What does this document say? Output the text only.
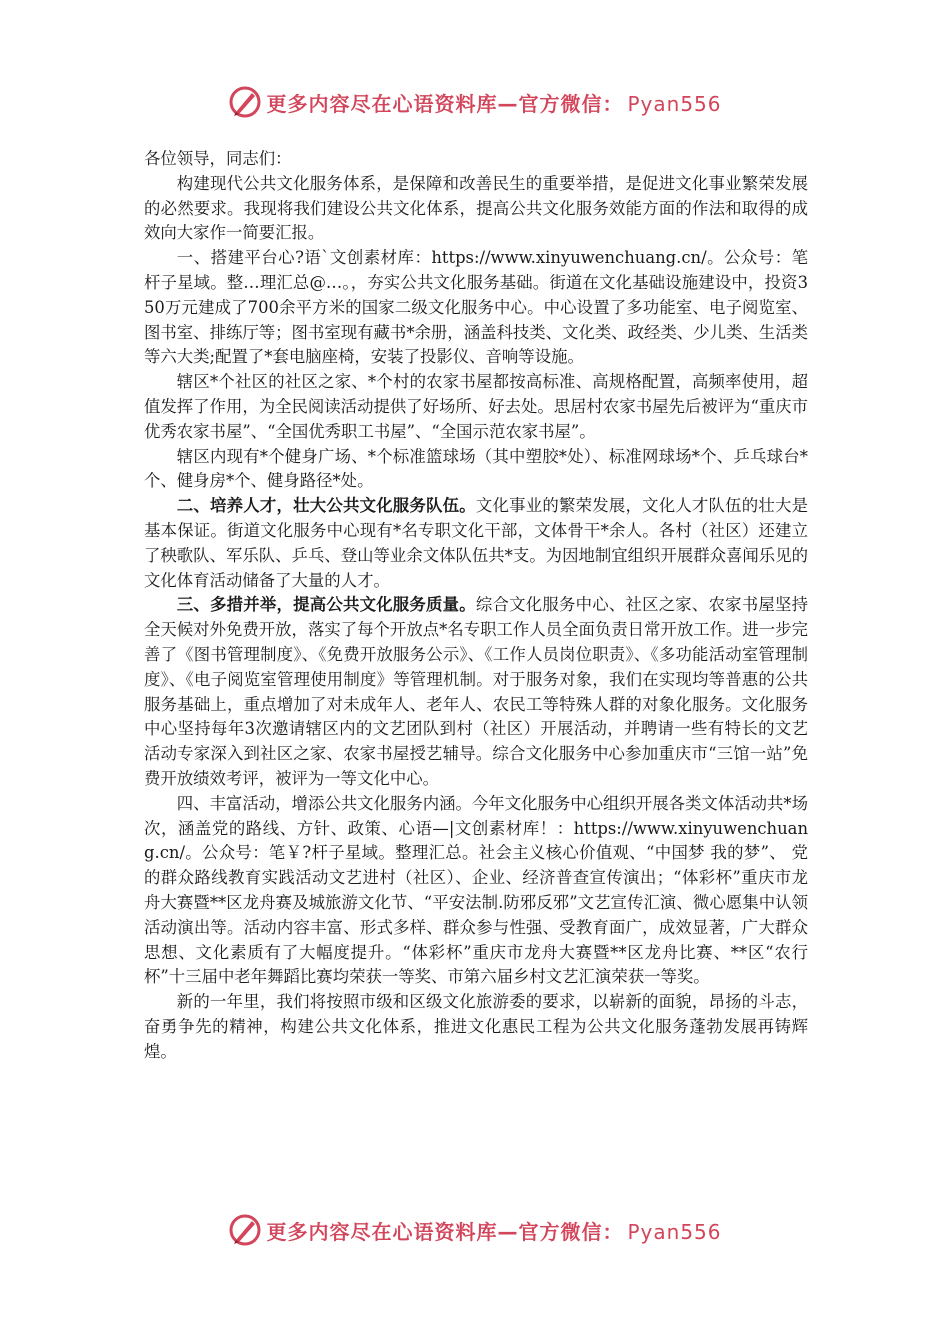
更多内容尽在心语资料库—官方微信： Pyan556

各位领导，同志们：

构建现代公共文化服务体系，是保障和改善民生的重要举措，是促进文化事业繁荣发展的必然要求。我现将我们建设公共文化体系，提高公共文化服务效能方面的作法和取得的成效向大家作一简要汇报。

一、搭建平台心?语`文创素材库：https://www.xinyuwenchuang.cn/。公众号：笔杆子星域。整…理汇总@…。，夯实公共文化服务基础。街道在文化基础设施建设中，投资350万元建成了700余平方米的国家二级文化服务中心。中心设置了多功能室、电子阅览室、图书室、排练厅等；图书室现有藏书*余册，涵盖科技类、文化类、政经类、少儿类、生活类等六大类;配置了*套电脑座椅，安装了投影仪、音响等设施。

辖区*个社区的社区之家、*个村的农家书屋都按高标准、高规格配置，高频率使用，超值发挥了作用，为全民阅读活动提供了好场所、好去处。思居村农家书屋先后被评为“重庆市优秀农家书屋”、“全国优秀职工书屋”、“全国示范农家书屋”。

辖区内现有*个健身广场、*个标准篮球场（其中塑胶*处）、标准网球场*个、乒乓球台*个、健身房*个、健身路径*处。

二、培养人才，壮大公共文化服务队伍。文化事业的繁荣发展，文化人才队伍的壮大是基本保证。街道文化服务中心现有*名专职文化干部，文体骨干*余人。各村（社区）还建立了秧歌队、军乐队、乒乓、登山等业余文体队伍共*支。为因地制宜组织开展群众喜闻乐见的文化体育活动储备了大量的人才。

三、多措并举，提高公共文化服务质量。综合文化服务中心、社区之家、农家书屋坚持全天候对外免费开放，落实了每个开放点*名专职工作人员全面负责日常开放工作。进一步完善了《图书管理制度》、《免费开放服务公示》、《工作人员岗位职责》、《多功能活动室管理制度》、《电子阅览室管理使用制度》等管理机制。对于服务对象，我们在实现均等普惠的公共服务基础上，重点增加了对未成年人、老年人、农民工等特殊人群的对象化服务。文化服务中心坚持每年3次邀请辖区内的文艺团队到村（社区）开展活动，并聘请一些有特长的文艺活动专家深入到社区之家、农家书屋授艺辅导。综合文化服务中心参加重庆市“三馆一站”免费开放绩效考评，被评为一等文化中心。

四、丰富活动，增添公共文化服务内涵。今年文化服务中心组织开展各类文体活动共*场次，涵盖党的路线、方针、政策、心语—|文创素材库！：https://www.xinyuwenchuang.cn/。公众号：笔￥?杆子星域。整理汇总。社会主义核心价值观、“中国梦 我的梦”、 党的群众路线教育实践活动文艺进村（社区）、企业、经济普查宣传演出；“体彩杯”重庆市龙舟大赛暨**区龙舟赛及城旅游文化节、“平安法制.防邪反邪”文艺宣传汇演、微心愿集中认领活动演出等。活动内容丰富、形式多样、群众参与性强、受教育面广，成效显著，广大群众思想、文化素质有了大幅度提升。“体彩杯”重庆市龙舟大赛暨**区龙舟比赛、**区“农行杯”十三届中老年舞蹈比赛均荣获一等奖、市第六届乡村文艺汇演荣获一等奖。

新的一年里，我们将按照市级和区级文化旅游委的要求，以崭新的面貌，昂扬的斗志，奋勇争先的精神，构建公共文化体系，推进文化惠民工程为公共文化服务蓬勃发展再铸辉煌。

更多内容尽在心语资料库—官方微信： Pyan556
